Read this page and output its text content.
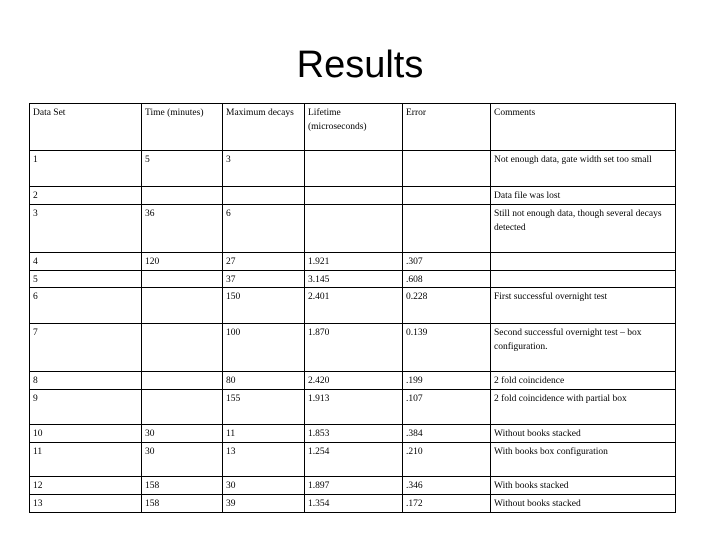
Results
Data Set	Time (minutes)	Maximum decays	Lifetime (microseconds)	Error	Comments
1	5	3			Not enough data, gate width set too small
2					Data file was lost
3	36	6			Still not enough data, though several decays detected
4	120	27	1.921	.307	
5		37	3.145	.608	
6		150	2.401	0.228	First successful overnight test
7		100	1.870	0.139	Second successful overnight test – box configuration.
8		80	2.420	.199	2 fold coincidence
9		155	1.913	.107	2 fold coincidence with partial box
10	30	11	1.853	.384	Without books stacked
11	30	13	1.254	.210	With books box configuration
12	158	30	1.897	.346	With books stacked
13	158	39	1.354	.172	Without books stacked
